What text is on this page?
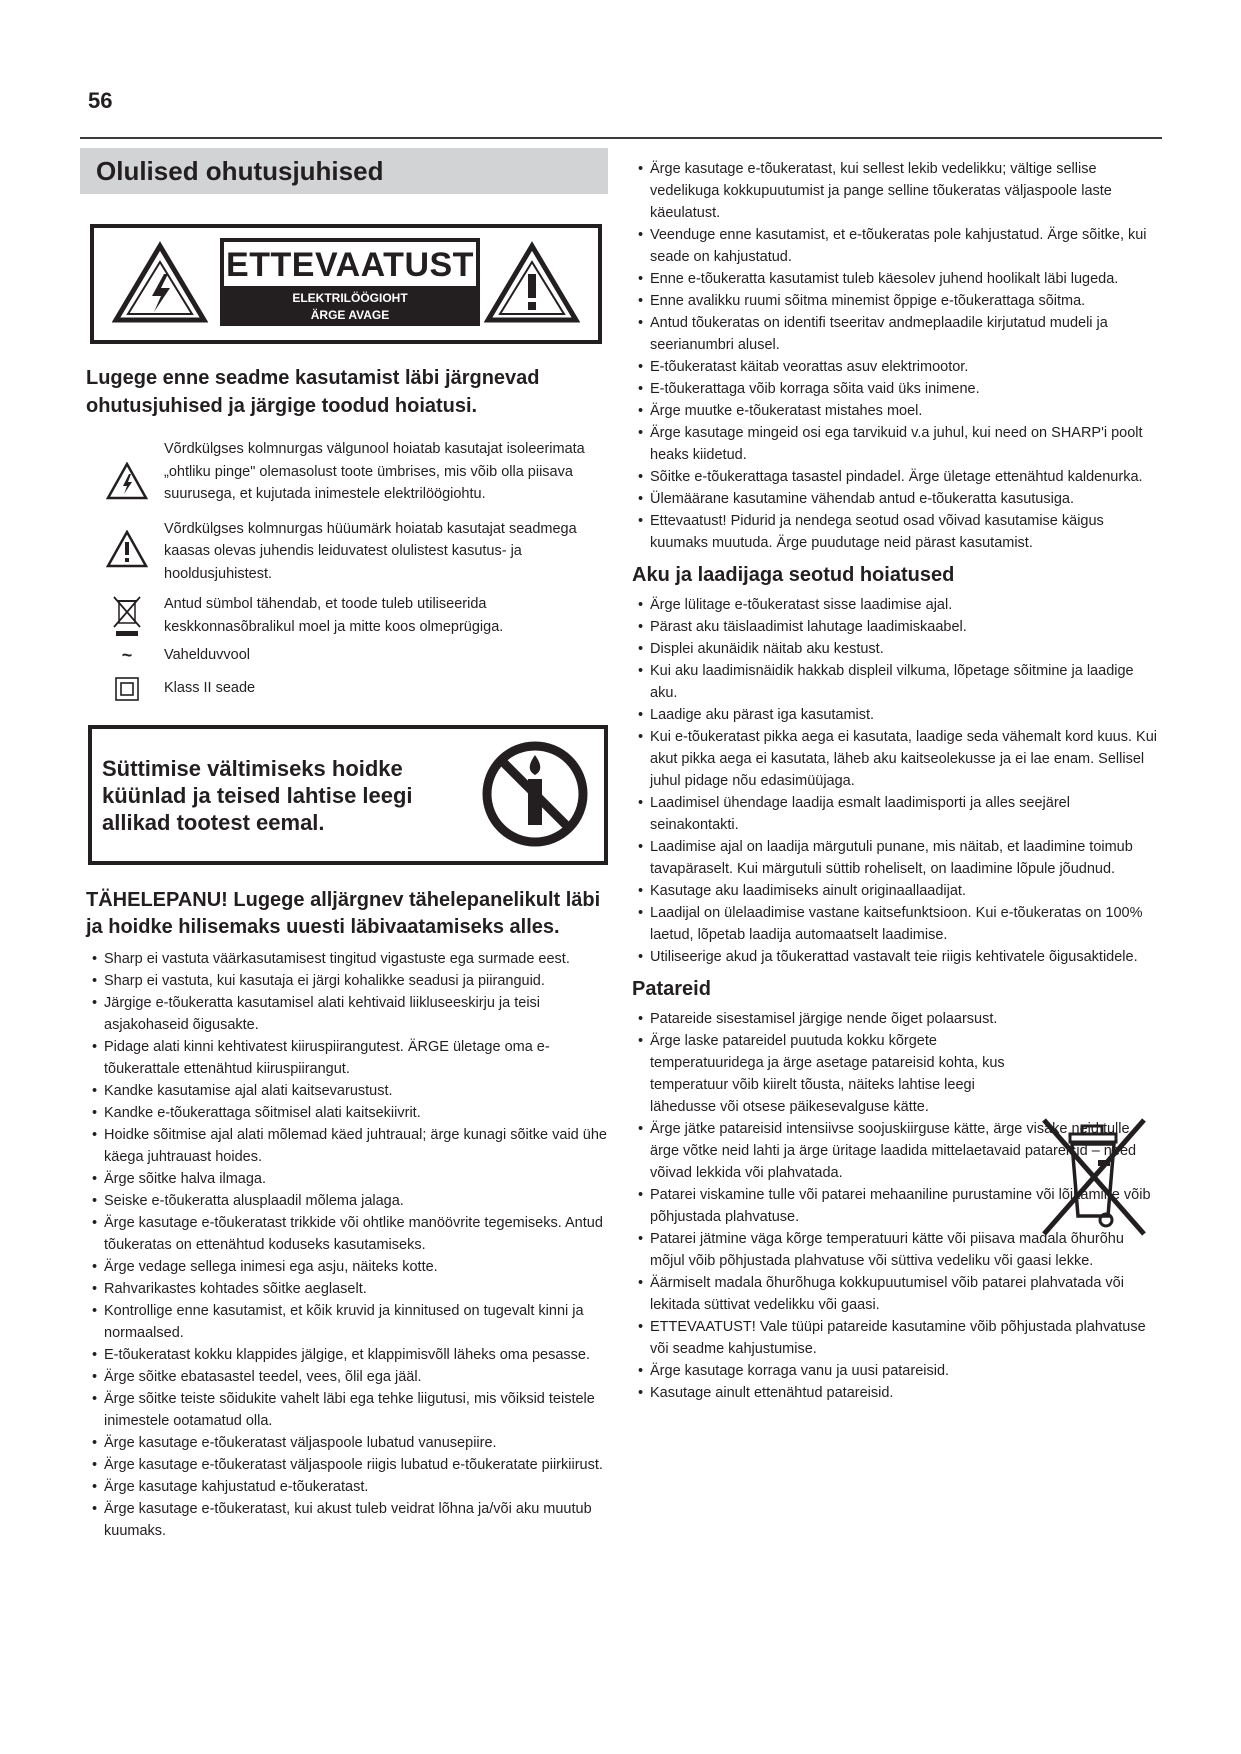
56
Olulised ohutusjuhised
ETTEVAATUST
ELEKTRILÖÖGIOHT
ÄRGE AVAGE
Lugege enne seadme kasutamist läbi järgnevad ohutusjuhised ja järgige toodud hoiatusi.
Võrdkülgses kolmnurgas välgunool hoiatab kasutajat isoleerimata „ohtliku pinge" olemasolust toote ümbrises, mis võib olla piisava suurusega, et kujutada inimestele elektrilöögiohtu.
Võrdkülgses kolmnurgas hüüumärk hoiatab kasutajat seadmega kaasas olevas juhendis leiduvatest olulistest kasutus- ja hooldusjuhistest.
Antud sümbol tähendab, et toode tuleb utiliseerida keskkonnasõbralikul moel ja mitte koos olmeprügiga.
~ Vahelduvvool
Klass II seade
Süttimise vältimiseks hoidke küünlad ja teised lahtise leegi allikad tootest eemal.
TÄHELEPANU! Lugege alljärgnev tähelepanelikult läbi ja hoidke hilisemaks uuesti läbivaatamiseks alles.
• Sharp ei vastuta väärkasutamisest tingitud vigastuste ega surmade eest.
• Sharp ei vastuta, kui kasutaja ei järgi kohalikke seadusi ja piiranguid.
• Järgige e-tõukeratta kasutamisel alati kehtivaid liikluseeskirju ja teisi asjakohaseid õigusakte.
• Pidage alati kinni kehtivatest kiiruspiirangutest. ÄRGE ületage oma e-tõukerattale ettenähtud kiiruspiirangut.
• Kandke kasutamise ajal alati kaitsevarustust.
• Kandke e-tõukerattaga sõitmisel alati kaitsekiivrit.
• Hoidke sõitmise ajal alati mõlemad käed juhtraual; ärge kunagi sõitke vaid ühe käega juhtrauast hoides.
• Ärge sõitke halva ilmaga.
• Seiske e-tõukeratta alusplaadil mõlema jalaga.
• Ärge kasutage e-tõukeratast trikkide või ohtlike manöövrite tegemiseks. Antud tõukeratas on ettenähtud koduseks kasutamiseks.
• Ärge vedage sellega inimesi ega asju, näiteks kotte.
• Rahvarikastes kohtades sõitke aeglaselt.
• Kontrollige enne kasutamist, et kõik kruvid ja kinnitused on tugevalt kinni ja normaalsed.
• E-tõukeratast kokku klappides jälgige, et klappimisvõll läheks oma pesasse.
• Ärge sõitke ebatasastel teedel, vees, õlil ega jääl.
• Ärge sõitke teiste sõidukite vahelt läbi ega tehke liigutusi, mis võiksid teistele inimestele ootamatud olla.
• Ärge kasutage e-tõukeratast väljaspoole lubatud vanusepiire.
• Ärge kasutage e-tõukeratast väljaspoole riigis lubatud e-tõukeratate piirkiirust.
• Ärge kasutage kahjustatud e-tõukeratast.
• Ärge kasutage e-tõukeratast, kui akust tuleb veidrat lõhna ja/või aku muutub kuumaks.
• Ärge kasutage e-tõukeratast, kui sellest lekib vedelikku; vältige sellise vedelikuga kokkupuutumist ja pange selline tõukeratas väljaspoole laste käeulatust.
• Veenduge enne kasutamist, et e-tõukeratas pole kahjustatud. Ärge sõitke, kui seade on kahjustatud.
• Enne e-tõukeratta kasutamist tuleb käesolev juhend hoolikalt läbi lugeda.
• Enne avalikku ruumi sõitma minemist õppige e-tõukerattaga sõitma.
• Antud tõukeratas on identifi tseeritav andmeplaadile kirjutatud mudeli ja seerianumbri alusel.
• E-tõukeratast käitab veorattas asuv elektrimootor.
• E-tõukerattaga võib korraga sõita vaid üks inimene.
• Ärge muutke e-tõukeratast mistahes moel.
• Ärge kasutage mingeid osi ega tarvikuid v.a juhul, kui need on SHARP'i poolt heaks kiidetud.
• Sõitke e-tõukerattaga tasastel pindadel. Ärge ületage ettenähtud kaldenurka.
• Ülemäärane kasutamine vähendab antud e-tõukeratta kasutusiga.
• Ettevaatust! Pidurid ja nendega seotud osad võivad kasutamise käigus kuumaks muutuda. Ärge puudutage neid pärast kasutamist.
Aku ja laadijaga seotud hoiatused
• Ärge lülitage e-tõukeratast sisse laadimise ajal.
• Pärast aku täislaadimist lahutage laadimiskaabel.
• Displei akunäidik näitab aku kestust.
• Kui aku laadimisnäidik hakkab displeil vilkuma, lõpetage sõitmine ja laadige aku.
• Laadige aku pärast iga kasutamist.
• Kui e-tõukeratast pikka aega ei kasutata, laadige seda vähemalt kord kuus. Kui akut pikka aega ei kasutata, läheb aku kaitseolekusse ja ei lae enam. Sellisel juhul pidage nõu edasimüüjaga.
• Laadimisel ühendage laadija esmalt laadimisporti ja alles seejärel seinakontakti.
• Laadimise ajal on laadija märgutuli punane, mis näitab, et laadimine toimub tavapäraselt. Kui märgutuli süttib roheliselt, on laadimine lõpule jõudnud.
• Kasutage aku laadimiseks ainult originaallaadijat.
• Laadijal on ülelaadimise vastane kaitsefunktsioon. Kui e-tõukeratas on 100% laetud, lõpetab laadija automaatselt laadimise.
• Utiliseerige akud ja tõukerattad vastavalt teie riigis kehtivatele õigusaktidele.
Patareid
• Patareide sisestamisel järgige nende õiget polaarsust.
• Ärge laske patareidel puutuda kokku kõrgete temperatuuridega ja ärge asetage patareisid kohta, kus temperatuur võib kiirelt tõusta, näiteks lahtise leegi lähedusse või otsese päikesevalguse kätte.
• Ärge jätke patareisid intensiivse soojuskiirguse kätte, ärge visake neid tulle, ärge võtke neid lahti ja ärge üritage laadida mittelaetavaid patareisid – need võivad lekkida või plahvatada.
• Patarei viskamine tulle või patarei mehaaniline purustamine või lõikamine võib põhjustada plahvatuse.
• Patarei jätmine väga kõrge temperatuuri kätte või piisava madala õhurõhu mõjul võib põhjustada plahvatuse või süttiva vedeliku või gaasi lekke.
• Äärmiselt madala õhurõhuga kokkupuutumisel võib patarei plahvatada või lekitada süttivat vedelikku või gaasi.
• ETTEVAATUST! Vale tüüpi patareide kasutamine võib põhjustada plahvatuse või seadme kahjustumise.
• Ärge kasutage korraga vanu ja uusi patareisid.
• Kasutage ainult ettenähtud patareisid.
